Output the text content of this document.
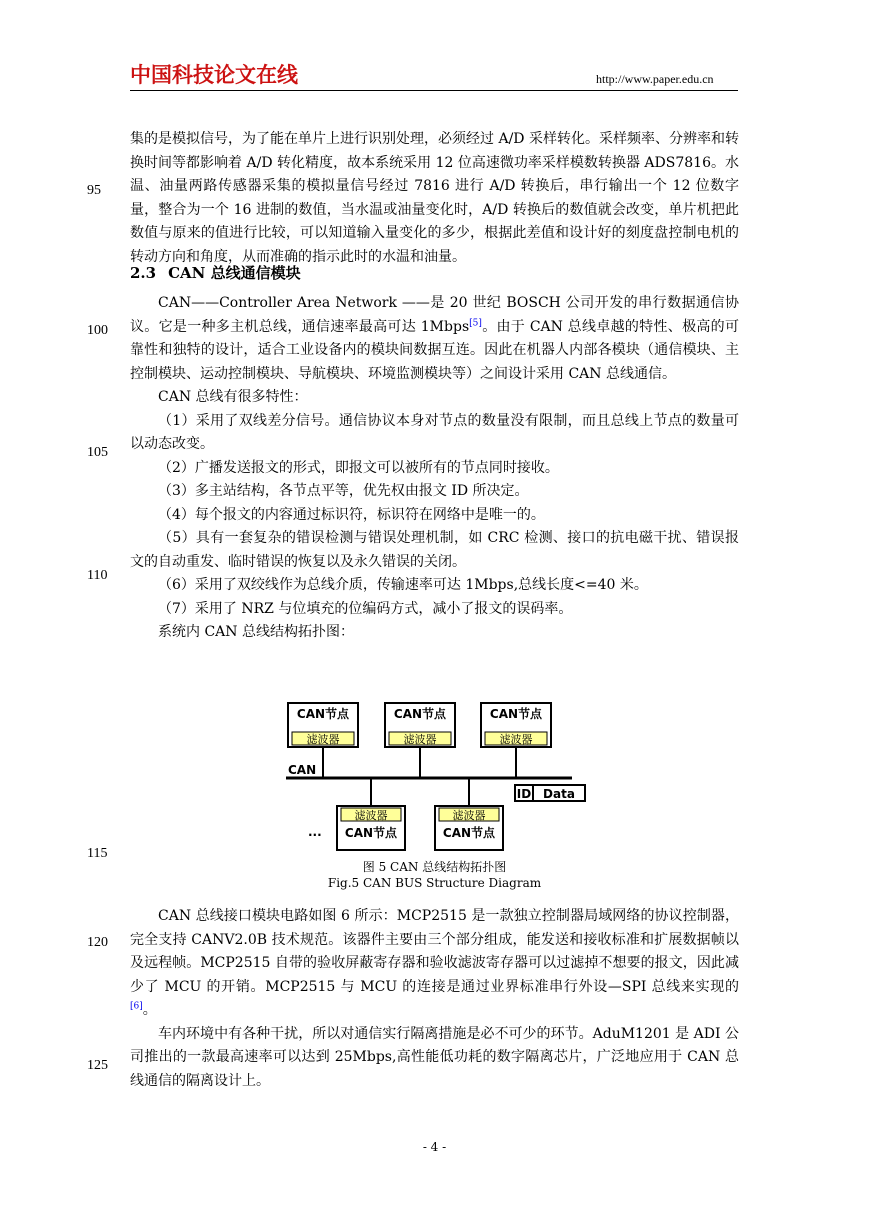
中国科技论文在线	http://www.paper.edu.cn

集的是模拟信号，为了能在单片上进行识别处理，必须经过 A/D 采样转化。采样频率、分辨率和转换时间等都影响着 A/D 转化精度，故本系统采用 12 位高速微功率采样模数转换器 ADS7816。水温、油量两路传感器采集的模拟量信号经过 7816 进行 A/D 转换后，串行输出一个 12 位数字量，整合为一个 16 进制的数值，当水温或油量变化时，A/D 转换后的数值就会改变，单片机把此数值与原来的值进行比较，可以知道输入量变化的多少，根据此差值和设计好的刻度盘控制电机的转动方向和角度，从而准确的指示此时的水温和油量。

2.3 CAN 总线通信模块

CAN——Controller Area Network ——是 20 世纪 BOSCH 公司开发的串行数据通信协议。它是一种多主机总线，通信速率最高可达 1Mbps[5]。由于 CAN 总线卓越的特性、极高的可靠性和独特的设计，适合工业设备内的模块间数据互连。因此在机器人内部各模块（通信模块、主控制模块、运动控制模块、导航模块、环境监测模块等）之间设计采用 CAN 总线通信。

CAN 总线有很多特性：

（1）采用了双线差分信号。通信协议本身对节点的数量没有限制，而且总线上节点的数量可以动态改变。

（2）广播发送报文的形式，即报文可以被所有的节点同时接收。

（3）多主站结构，各节点平等，优先权由报文 ID 所决定。

（4）每个报文的内容通过标识符，标识符在网络中是唯一的。

（5）具有一套复杂的错误检测与错误处理机制，如 CRC 检测、接口的抗电磁干扰、错误报文的自动重发、临时错误的恢复以及永久错误的关闭。

（6）采用了双绞线作为总线介质，传输速率可达 1Mbps,总线长度<=40 米。

（7）采用了 NRZ 与位填充的位编码方式，减小了报文的误码率。

系统内 CAN 总线结构拓扑图：

CAN节点
滤波器
CAN节点
滤波器
CAN节点
滤波器
CAN
ID Data
滤波器
CAN节点
滤波器
CAN节点
...
图 5 CAN 总线结构拓扑图
Fig.5 CAN BUS Structure Diagram

CAN 总线接口模块电路如图 6 所示：MCP2515 是一款独立控制器局域网络的协议控制器，完全支持 CANV2.0B 技术规范。该器件主要由三个部分组成，能发送和接收标准和扩展数据帧以及远程帧。MCP2515 自带的验收屏蔽寄存器和验收滤波寄存器可以过滤掉不想要的报文，因此减少了 MCU 的开销。MCP2515 与 MCU 的连接是通过业界标准串行外设—SPI 总线来实现的[6]。

车内环境中有各种干扰，所以对通信实行隔离措施是必不可少的环节。AduM1201 是 ADI 公司推出的一款最高速率可以达到 25Mbps,高性能低功耗的数字隔离芯片，广泛地应用于 CAN 总线通信的隔离设计上。

95
100
105
110
115
120
125
- 4 -
